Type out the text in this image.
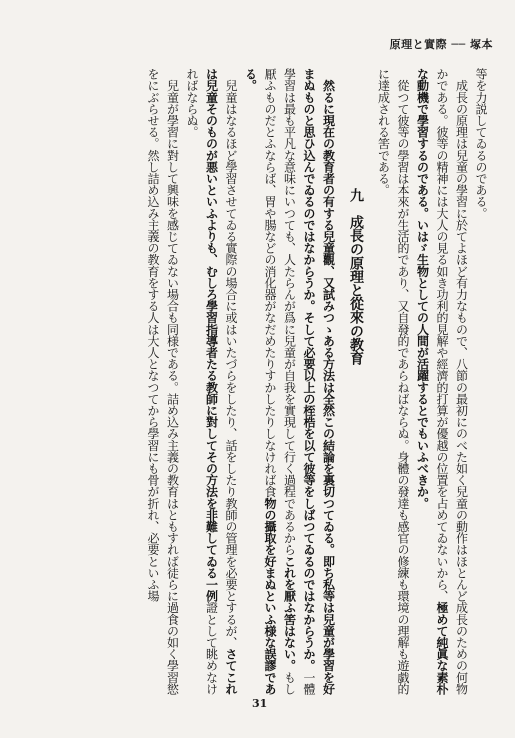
原理と實際 ── 塚本

等を力説してゐるのである。

　成長の原理は兒童の學習に於てよほど有力なもので、八節の最初にのべた如く兒童の動作はほとんど成長のための何物かである。彼等の精神には大人の見る如き功利的見解や經濟的打算が優越の位置を占めてゐないから、極めて純眞な素朴な動機で學習するのである。いはゞ生物としての人間が活躍するとでもいふべきか。

　從つて彼等の學習は本來が生活的であり、又自發的であらねばならぬ。身體の發達も感官の修練も環境の理解も遊戯的に達成される筈である。

九　成長の原理と從來の教育

　然るに現在の教育者の有する兒童觀、又試みつゝある方法は全然この結論を裏切つてゐる。即ち私等は兒童が學習を好まぬものと思ひ込んでゐるのではなからうか。そして必要以上の桎梏を以て彼等をしばつてゐるのではなからうか。一體學習は最も平凡な意味にいつても、人たらんが爲に兒童が自我を實現して行く過程であるからこれを厭ふ筈はない。もし厭ふものだとふならば、胃や腸などの消化器がなだめたりすかしたりしなければ食物の攝取を好まぬといふ様な誤謬である。

　兒童はなるほど學習させてゐる實際の場合に或はいたづらをしたり、話をしたり教師の管理を必要とするが、さてこれは兒童そのものが悪いといふよりも、むしろ學習指導者たる教師に對してその方法を非難してゐる一例證として眺めなければならぬ。

　兒童が學習に對して興味を感じてゐない場合も同様である。詰め込み主義の教育はともすれば徒らに過食の如く學習慾をにぶらせる。然し詰め込み主義の教育をする人は大人となつてから學習にも骨が折れ、必要といふ場

31
